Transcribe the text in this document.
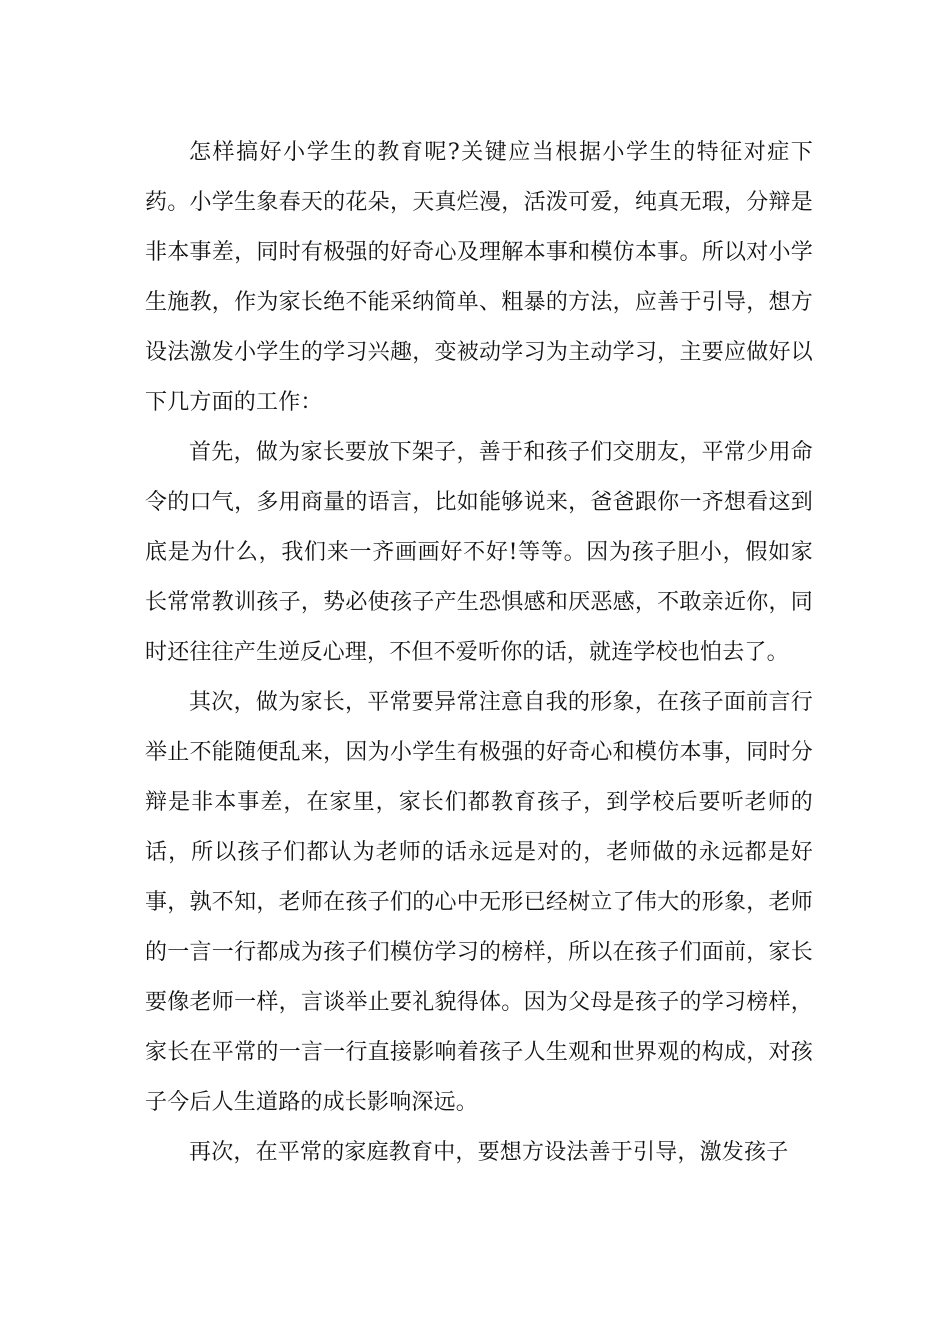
怎样搞好小学生的教育呢?关键应当根据小学生的特征对症下药。小学生象春天的花朵，天真烂漫，活泼可爱，纯真无瑕，分辩是非本事差，同时有极强的好奇心及理解本事和模仿本事。所以对小学生施教，作为家长绝不能采纳简单、粗暴的方法，应善于引导，想方设法激发小学生的学习兴趣，变被动学习为主动学习，主要应做好以下几方面的工作：

首先，做为家长要放下架子，善于和孩子们交朋友，平常少用命令的口气，多用商量的语言，比如能够说来，爸爸跟你一齐想看这到底是为什么，我们来一齐画画好不好!等等。因为孩子胆小，假如家长常常教训孩子，势必使孩子产生恐惧感和厌恶感，不敢亲近你，同时还往往产生逆反心理，不但不爱听你的话，就连学校也怕去了。

其次，做为家长，平常要异常注意自我的形象，在孩子面前言行举止不能随便乱来，因为小学生有极强的好奇心和模仿本事，同时分辩是非本事差，在家里，家长们都教育孩子，到学校后要听老师的话，所以孩子们都认为老师的话永远是对的，老师做的永远都是好事，孰不知，老师在孩子们的心中无形已经树立了伟大的形象，老师的一言一行都成为孩子们模仿学习的榜样，所以在孩子们面前，家长要像老师一样，言谈举止要礼貌得体。因为父母是孩子的学习榜样，家长在平常的一言一行直接影响着孩子人生观和世界观的构成，对孩子今后人生道路的成长影响深远。

再次，在平常的家庭教育中，要想方设法善于引导，激发孩子
